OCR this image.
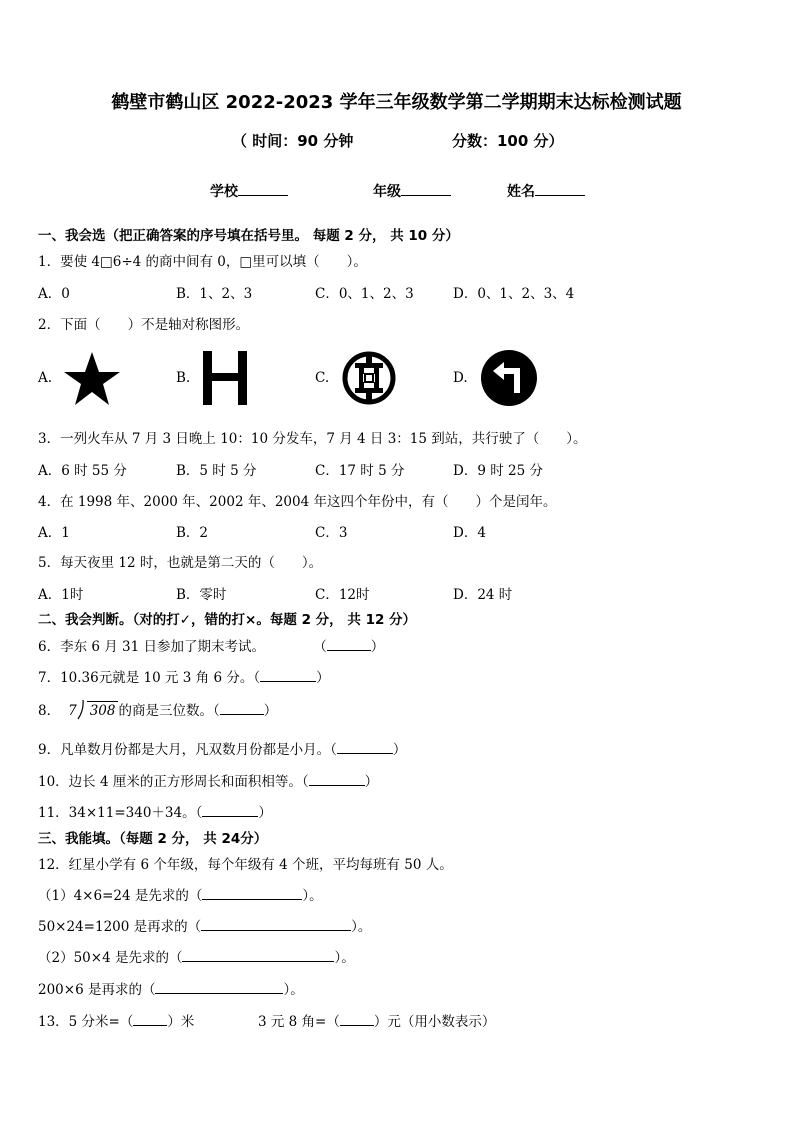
鹤壁市鹤山区 2022-2023 学年三年级数学第二学期期末达标检测试题
（ 时间：90 分钟	分数：100 分）
学校	年级	姓名
一、我会选（把正确答案的序号填在括号里。 每题 2 分， 共 10 分）
1．要使 4□6÷4 的商中间有 0，□里可以填（　　）。
A．0	B．1、2、3	C．0、1、2、3	D．0、1、2、3、4
2．下面（　　）不是轴对称图形。
A.	B.	C.	D.
3．一列火车从 7 月 3 日晚上 10：10 分发车，7 月 4 日 3：15 到站，共行驶了（　　）。
A．6 时 55 分	B．5 时 5 分	C．17 时 5 分	D．9 时 25 分
4．在 1998 年、2000 年、2002 年、2004 年这四个年份中，有（　　）个是闰年。
A．1	B．2	C．3	D．4
5．每天夜里 12 时，也就是第二天的（　　）。
A．1时	B．零时	C．12时	D．24 时
二、我会判断。（对的打✓，错的打×。每题 2 分， 共 12 分）
6．李东 6 月 31 日参加了期末考试。	（	）
7．10.36元就是 10 元 3 角 6 分。（	）
8． 7 308 的商是三位数。（	）
9．凡单数月份都是大月，凡双数月份都是小月。（	）
10．边长 4 厘米的正方形周长和面积相等。（	）
11．34×11=340＋34。（	）
三、我能填。（每题 2 分， 共 24分）
12．红星小学有 6 个年级，每个年级有 4 个班，平均每班有 50 人。
（1）4×6=24 是先求的（	）。
50×24=1200 是再求的（	）。
（2）50×4 是先求的（	）。
200×6 是再求的（	）。
13．5 分米=（	）米	3 元 8 角=（	）元（用小数表示）
